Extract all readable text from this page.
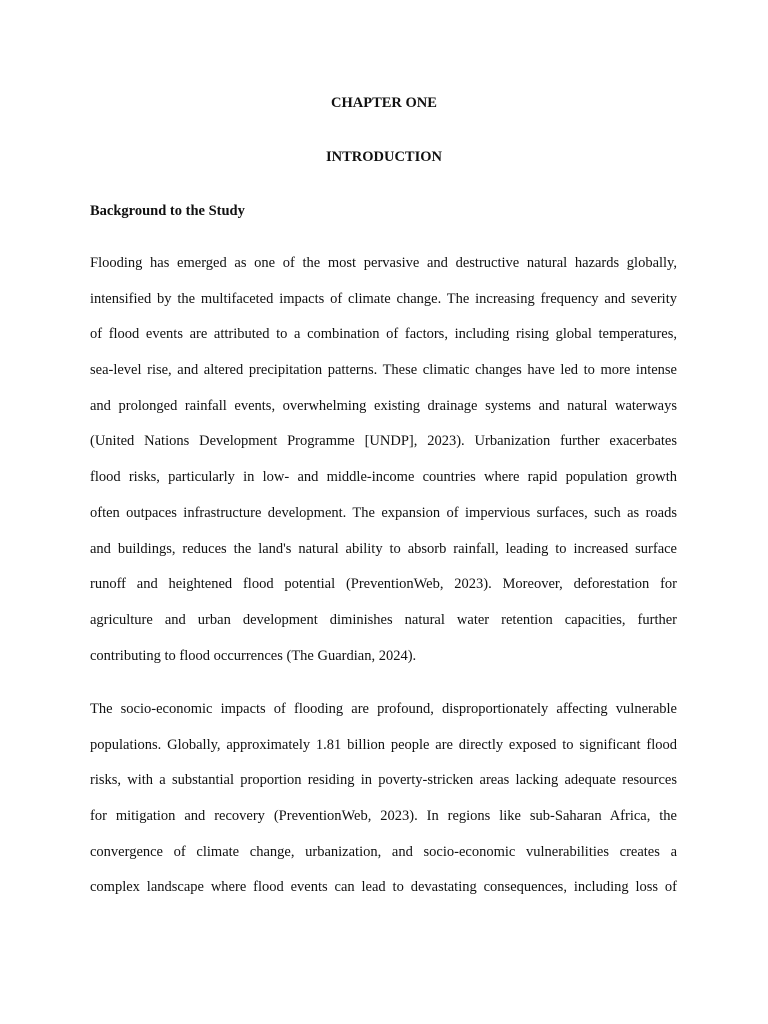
CHAPTER ONE
INTRODUCTION
Background to the Study
Flooding has emerged as one of the most pervasive and destructive natural hazards globally,
intensified by the multifaceted impacts of climate change. The increasing frequency and severity
of flood events are attributed to a combination of factors, including rising global temperatures,
sea-level rise, and altered precipitation patterns. These climatic changes have led to more intense
and prolonged rainfall events, overwhelming existing drainage systems and natural waterways
(United Nations Development Programme [UNDP], 2023). Urbanization further exacerbates
flood risks, particularly in low- and middle-income countries where rapid population growth
often outpaces infrastructure development. The expansion of impervious surfaces, such as roads
and buildings, reduces the land's natural ability to absorb rainfall, leading to increased surface
runoff and heightened flood potential (PreventionWeb, 2023). Moreover, deforestation for
agriculture and urban development diminishes natural water retention capacities, further
contributing to flood occurrences (The Guardian, 2024).
The socio-economic impacts of flooding are profound, disproportionately affecting vulnerable
populations. Globally, approximately 1.81 billion people are directly exposed to significant flood
risks, with a substantial proportion residing in poverty-stricken areas lacking adequate resources
for mitigation and recovery (PreventionWeb, 2023). In regions like sub-Saharan Africa, the
convergence of climate change, urbanization, and socio-economic vulnerabilities creates a
complex landscape where flood events can lead to devastating consequences, including loss of
